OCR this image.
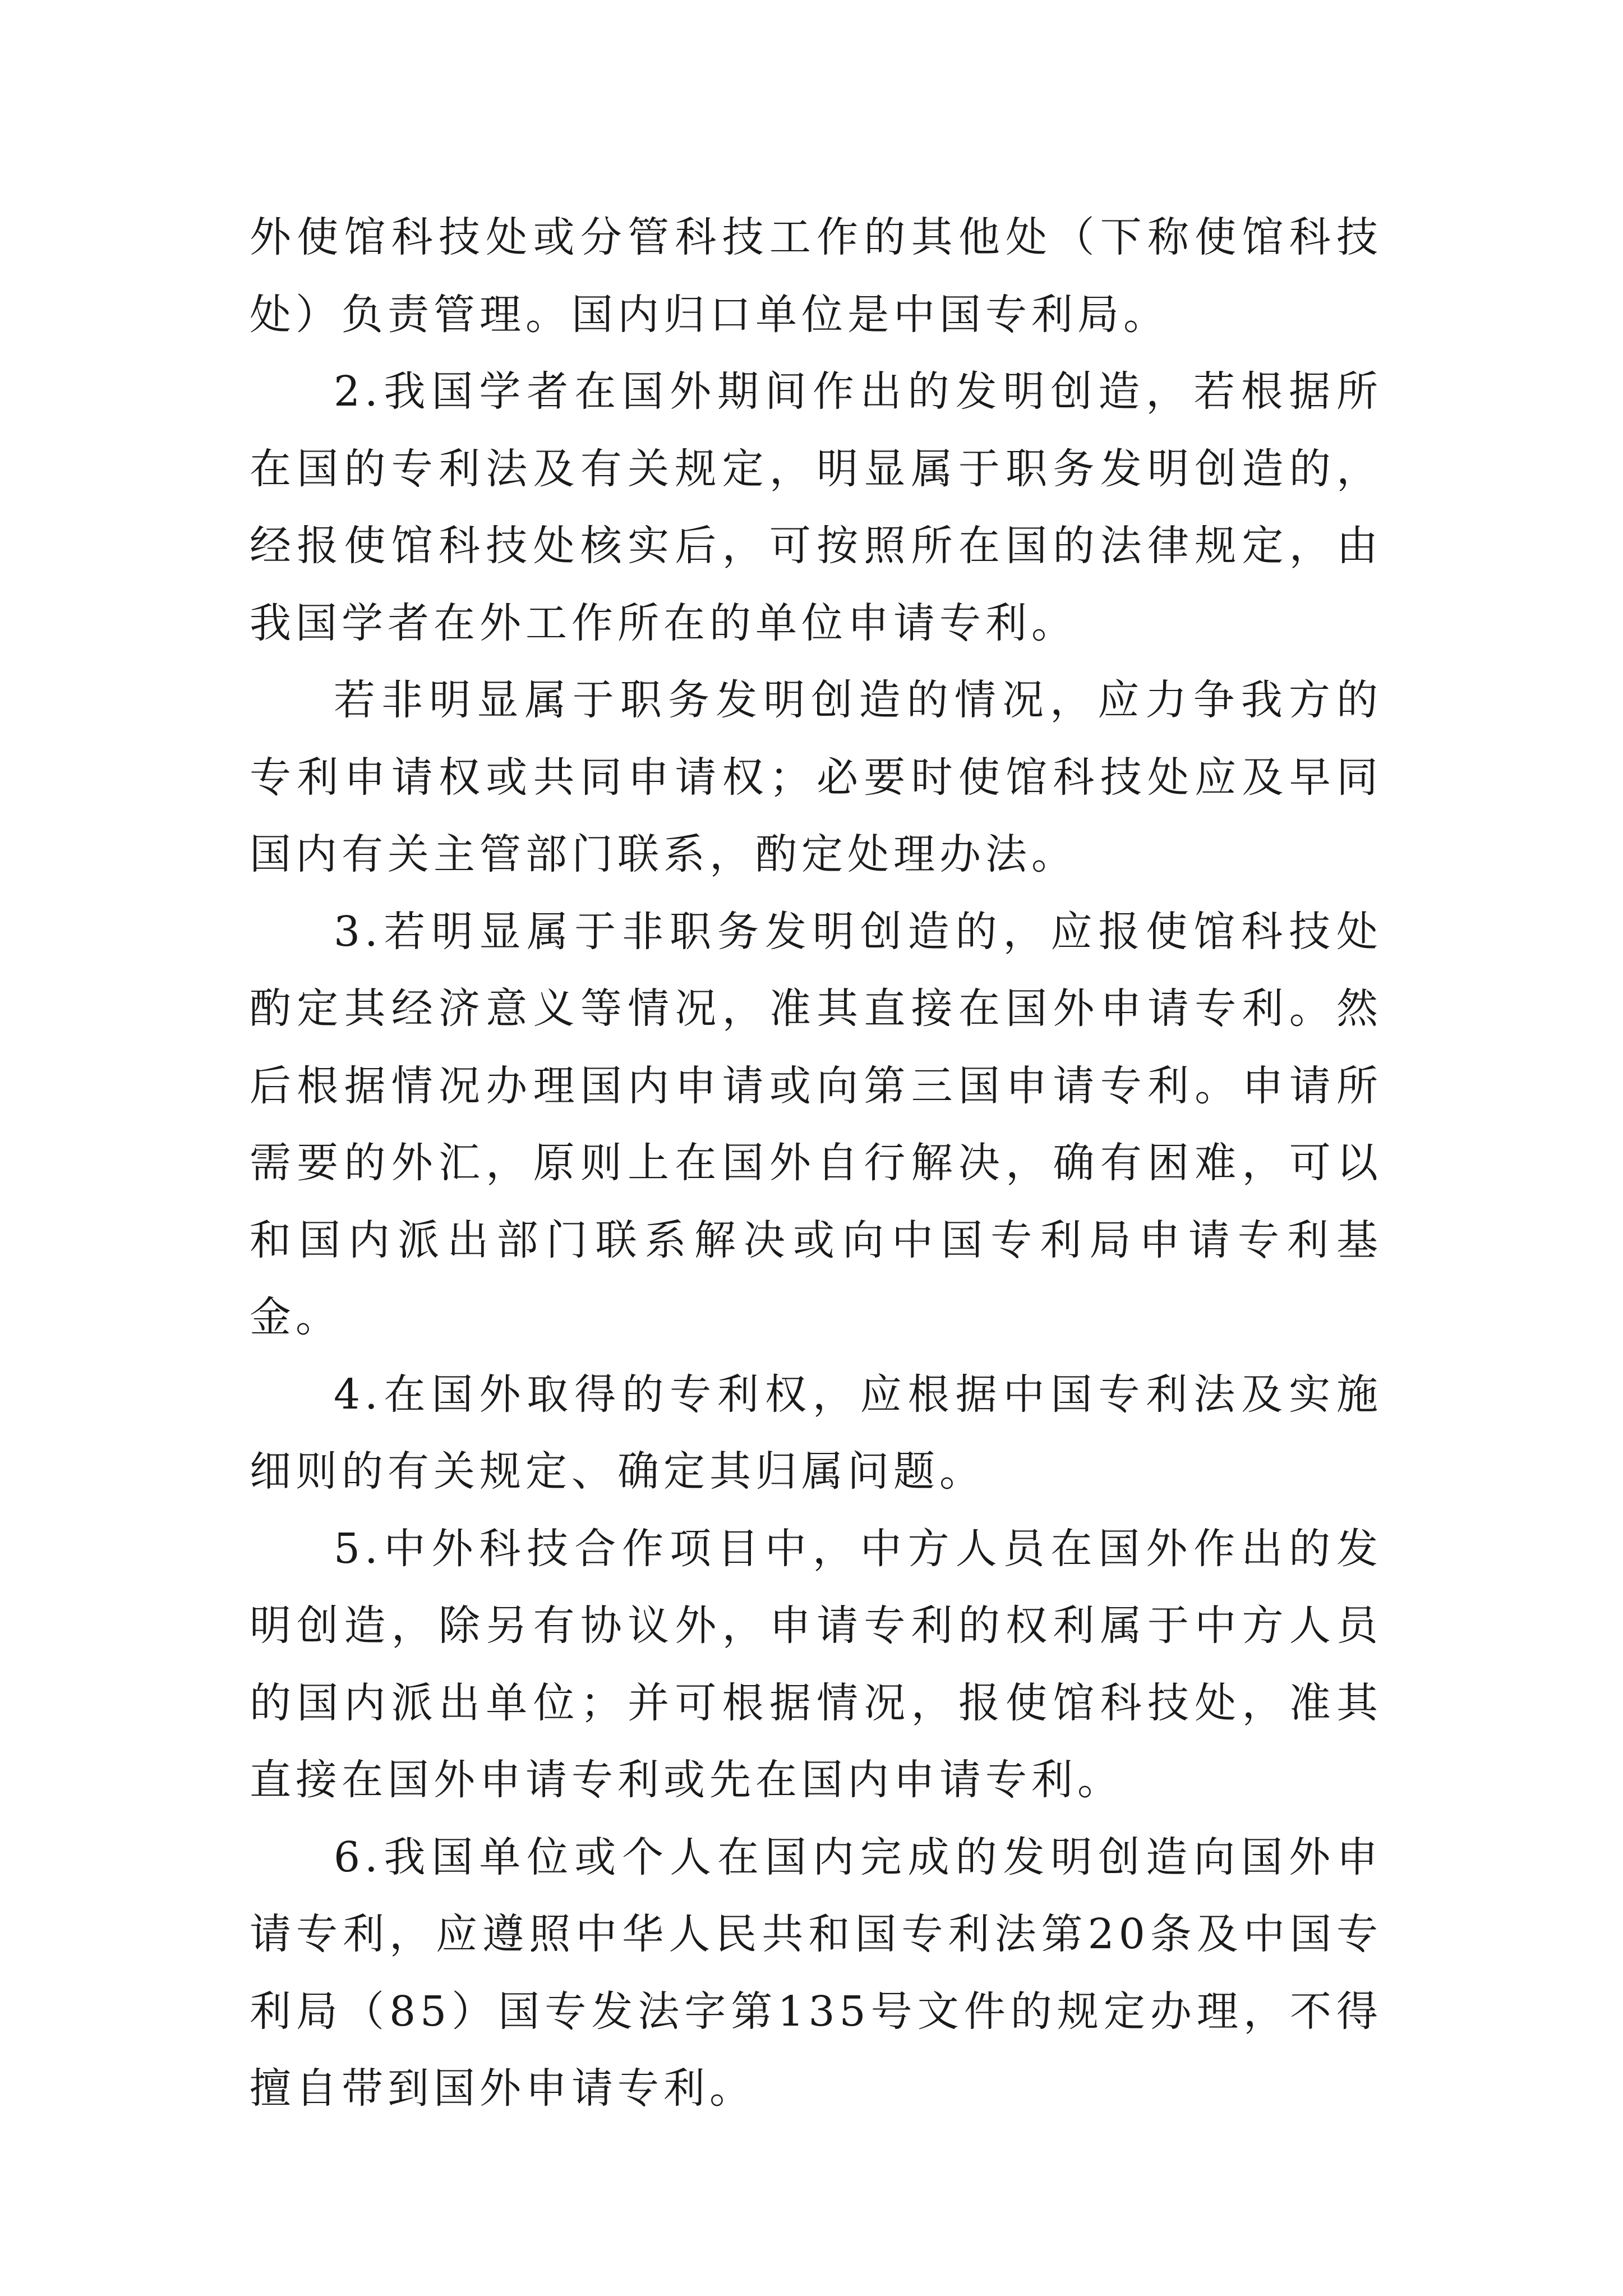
外使馆科技处或分管科技工作的其他处（下称使馆科技处）负责管理。国内归口单位是中国专利局。

2.我国学者在国外期间作出的发明创造，若根据所在国的专利法及有关规定，明显属于职务发明创造的，经报使馆科技处核实后，可按照所在国的法律规定，由我国学者在外工作所在的单位申请专利。

若非明显属于职务发明创造的情况，应力争我方的专利申请权或共同申请权；必要时使馆科技处应及早同国内有关主管部门联系，酌定处理办法。

3.若明显属于非职务发明创造的，应报使馆科技处酌定其经济意义等情况，准其直接在国外申请专利。然后根据情况办理国内申请或向第三国申请专利。申请所需要的外汇，原则上在国外自行解决，确有困难，可以和国内派出部门联系解决或向中国专利局申请专利基金。

4.在国外取得的专利权，应根据中国专利法及实施细则的有关规定、确定其归属问题。

5.中外科技合作项目中，中方人员在国外作出的发明创造，除另有协议外，申请专利的权利属于中方人员的国内派出单位；并可根据情况，报使馆科技处，准其直接在国外申请专利或先在国内申请专利。

6.我国单位或个人在国内完成的发明创造向国外申请专利，应遵照中华人民共和国专利法第20条及中国专利局（85）国专发法字第135号文件的规定办理，不得擅自带到国外申请专利。
